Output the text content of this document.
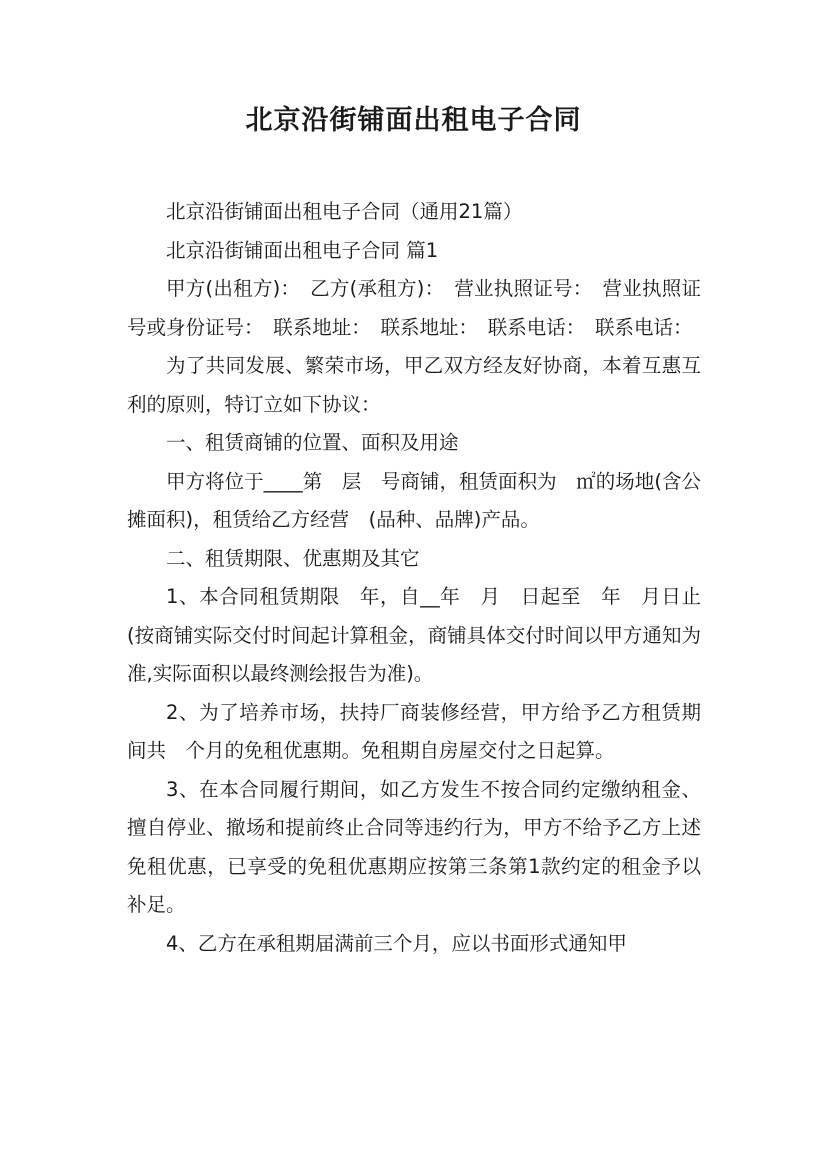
北京沿街铺面出租电子合同

北京沿街铺面出租电子合同（通用21篇）

北京沿街铺面出租电子合同 篇1

甲方(出租方)：　乙方(承租方)：　营业执照证号：　营业执照证号或身份证号：　联系地址：　联系地址：　联系电话：　联系电话：

为了共同发展、繁荣市场，甲乙双方经友好协商，本着互惠互利的原则，特订立如下协议：

一、租赁商铺的位置、面积及用途

甲方将位于____第　层　号商铺，租赁面积为　㎡的场地(含公摊面积)，租赁给乙方经营　(品种、品牌)产品。

二、租赁期限、优惠期及其它

1、本合同租赁期限　年，自__年　月　日起至　年　月日止(按商铺实际交付时间起计算租金，商铺具体交付时间以甲方通知为准,实际面积以最终测绘报告为准)。

2、为了培养市场，扶持厂商装修经营，甲方给予乙方租赁期间共　个月的免租优惠期。免租期自房屋交付之日起算。

3、在本合同履行期间，如乙方发生不按合同约定缴纳租金、擅自停业、撤场和提前终止合同等违约行为，甲方不给予乙方上述免租优惠，已享受的免租优惠期应按第三条第1款约定的租金予以补足。

4、乙方在承租期届满前三个月，应以书面形式通知甲
